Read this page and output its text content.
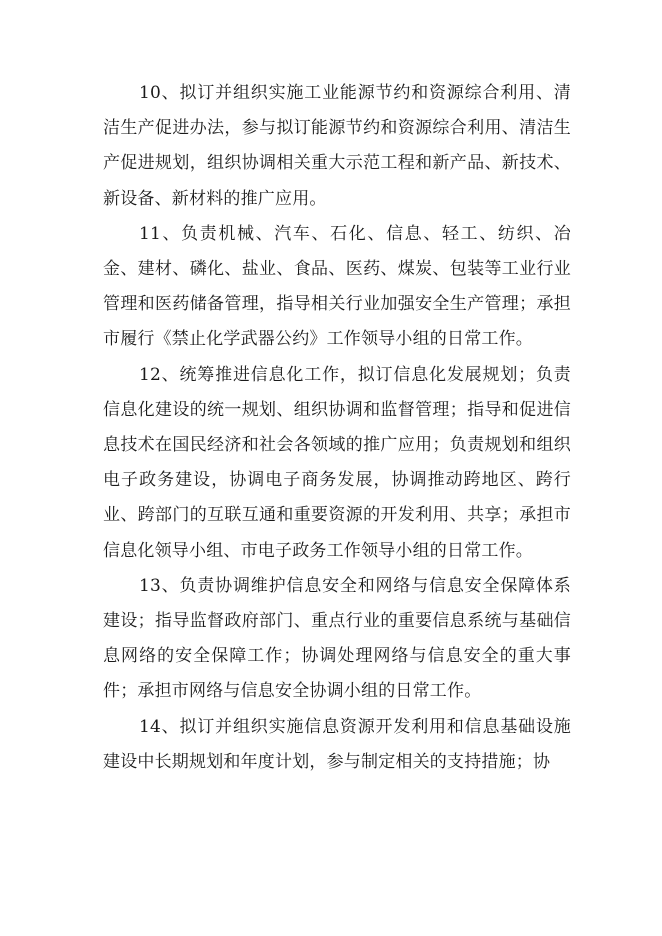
10、拟订并组织实施工业能源节约和资源综合利用、清洁生产促进办法，参与拟订能源节约和资源综合利用、清洁生产促进规划，组织协调相关重大示范工程和新产品、新技术、新设备、新材料的推广应用。

11、负责机械、汽车、石化、信息、轻工、纺织、冶金、建材、磷化、盐业、食品、医药、煤炭、包装等工业行业管理和医药储备管理，指导相关行业加强安全生产管理；承担市履行《禁止化学武器公约》工作领导小组的日常工作。

12、统筹推进信息化工作，拟订信息化发展规划；负责信息化建设的统一规划、组织协调和监督管理；指导和促进信息技术在国民经济和社会各领域的推广应用；负责规划和组织电子政务建设，协调电子商务发展，协调推动跨地区、跨行业、跨部门的互联互通和重要资源的开发利用、共享；承担市信息化领导小组、市电子政务工作领导小组的日常工作。

13、负责协调维护信息安全和网络与信息安全保障体系建设；指导监督政府部门、重点行业的重要信息系统与基础信息网络的安全保障工作；协调处理网络与信息安全的重大事件；承担市网络与信息安全协调小组的日常工作。

14、拟订并组织实施信息资源开发利用和信息基础设施建设中长期规划和年度计划，参与制定相关的支持措施；协
